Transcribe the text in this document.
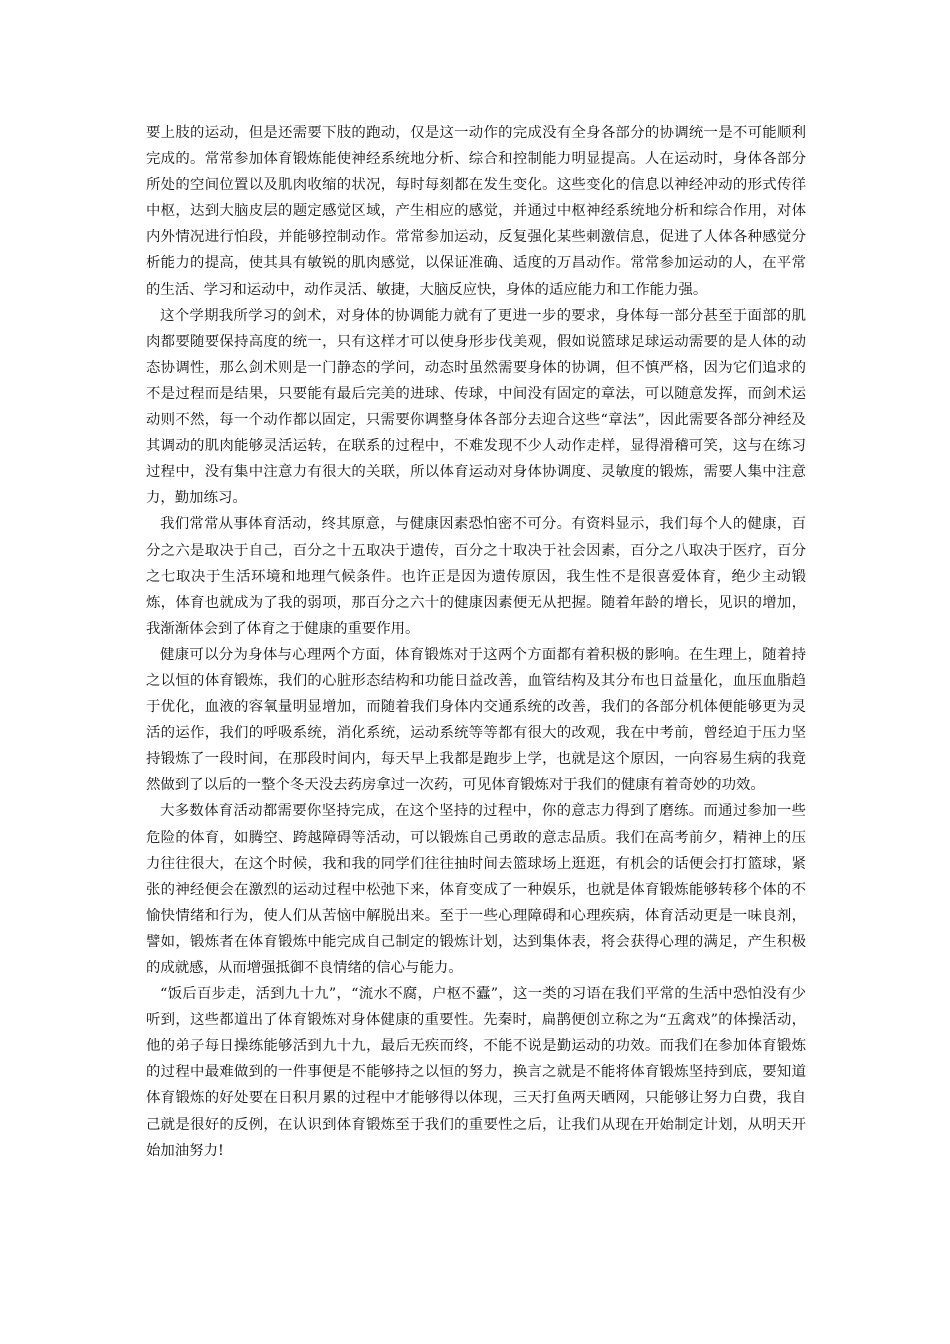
要上肢的运动，但是还需要下肢的跑动，仅是这一动作的完成没有全身各部分的协调统一是不可能顺利完成的。常常参加体育锻炼能使神经系统地分析、综合和控制能力明显提高。人在运动时，身体各部分所处的空间位置以及肌肉收缩的状况，每时每刻都在发生变化。这些变化的信息以神经冲动的形式传徉中枢，达到大脑皮层的题定感觉区域，产生相应的感觉，并通过中枢神经系统地分析和综合作用，对体内外情况进行怕段，并能够控制动作。常常参加运动，反复强化某些刺激信息，促进了人体各种感觉分析能力的提高，使其具有敏锐的肌肉感觉，以保证准确、适度的万昌动作。常常参加运动的人，在平常的生活、学习和运动中，动作灵活、敏捷，大脑反应快，身体的适应能力和工作能力强。

这个学期我所学习的剑术，对身体的协调能力就有了更进一步的要求，身体每一部分甚至于面部的肌肉都要随要保持高度的统一，只有这样才可以使身形步伐美观，假如说篮球足球运动需要的是人体的动态协调性，那么剑术则是一门静态的学问，动态时虽然需要身体的协调，但不慎严格，因为它们追求的不是过程而是结果，只要能有最后完美的进球、传球，中间没有固定的章法，可以随意发挥，而剑术运动则不然，每一个动作都以固定，只需要你调整身体各部分去迎合这些“章法”，因此需要各部分神经及其调动的肌肉能够灵活运转，在联系的过程中，不难发现不少人动作走样，显得滑稽可笑，这与在练习过程中，没有集中注意力有很大的关联，所以体育运动对身体协调度、灵敏度的锻炼，需要人集中注意力，勤加练习。

我们常常从事体育活动，终其原意，与健康因素恐怕密不可分。有资料显示，我们每个人的健康，百分之六是取决于自己，百分之十五取决于遗传，百分之十取决于社会因素，百分之八取决于医疗，百分之七取决于生活环境和地理气候条件。也许正是因为遗传原因，我生性不是很喜爱体育，绝少主动锻炼，体育也就成为了我的弱项，那百分之六十的健康因素便无从把握。随着年龄的增长，见识的增加，我渐渐体会到了体育之于健康的重要作用。

健康可以分为身体与心理两个方面，体育锻炼对于这两个方面都有着积极的影响。在生理上，随着持之以恒的体育锻炼，我们的心脏形态结构和功能日益改善，血管结构及其分布也日益量化，血压血脂趋于优化，血液的容氧量明显增加，而随着我们身体内交通系统的改善，我们的各部分机体便能够更为灵活的运作，我们的呼吸系统，消化系统，运动系统等等都有很大的改观，我在中考前，曾经迫于压力坚持锻炼了一段时间，在那段时间内，每天早上我都是跑步上学，也就是这个原因，一向容易生病的我竟然做到了以后的一整个冬天没去药房拿过一次药，可见体育锻炼对于我们的健康有着奇妙的功效。

大多数体育活动都需要你坚持完成，在这个坚持的过程中，你的意志力得到了磨练。而通过参加一些危险的体育，如腾空、跨越障碍等活动，可以锻炼自己勇敢的意志品质。我们在高考前夕，精神上的压力往往很大，在这个时候，我和我的同学们往往抽时间去篮球场上逛逛，有机会的话便会打打篮球，紧张的神经便会在激烈的运动过程中松弛下来，体育变成了一种娱乐，也就是体育锻炼能够转移个体的不愉快情绪和行为，使人们从苦恼中解脱出来。至于一些心理障碍和心理疾病，体育活动更是一味良剂，譬如，锻炼者在体育锻炼中能完成自己制定的锻炼计划，达到集体表，将会获得心理的满足，产生积极的成就感，从而增强抵御不良情绪的信心与能力。

“饭后百步走，活到九十九”，“流水不腐，户枢不蠹”，这一类的习语在我们平常的生活中恐怕没有少听到，这些都道出了体育锻炼对身体健康的重要性。先秦时，扁鹊便创立称之为“五禽戏”的体操活动，他的弟子每日操练能够活到九十九，最后无疾而终，不能不说是勤运动的功效。而我们在参加体育锻炼的过程中最难做到的一件事便是不能够持之以恒的努力，换言之就是不能将体育锻炼坚持到底，要知道体育锻炼的好处要在日积月累的过程中才能够得以体现，三天打鱼两天晒网，只能够让努力白费，我自己就是很好的反例，在认识到体育锻炼至于我们的重要性之后，让我们从现在开始制定计划，从明天开始加油努力!
